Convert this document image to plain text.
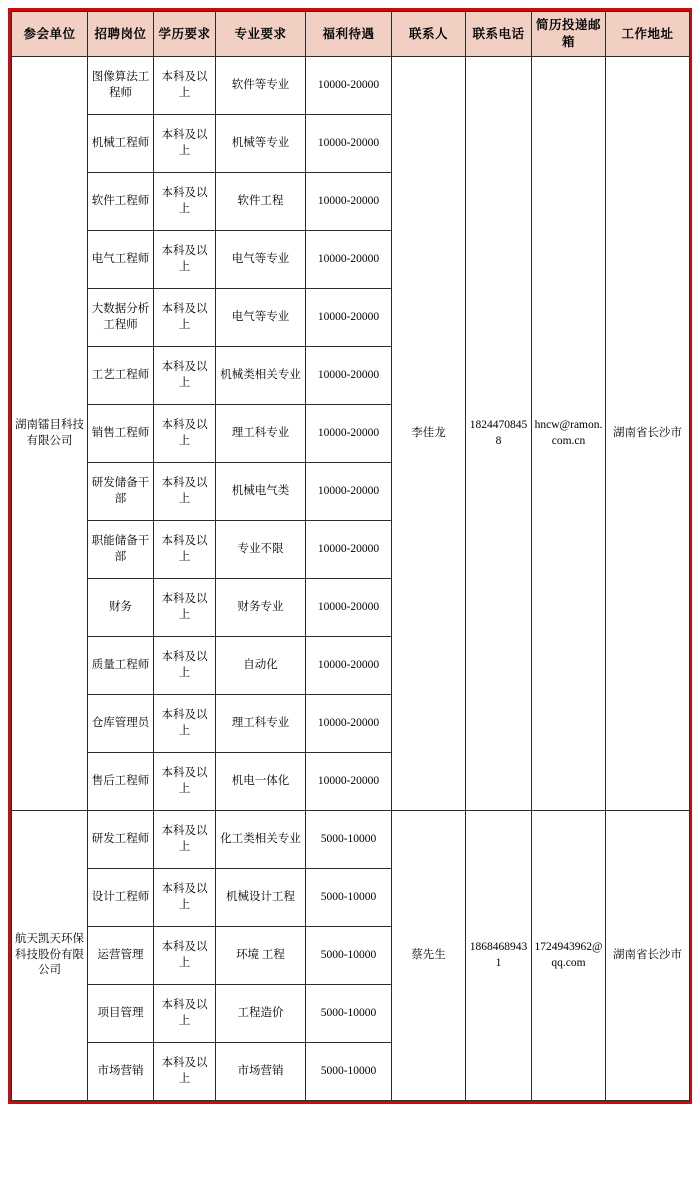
参会单位	招聘岗位	学历要求	专业要求	福利待遇	联系人	联系电话	简历投递邮箱	工作地址
湖南镭目科技有限公司	图像算法工程师	本科及以上	软件等专业	10000-20000	李佳龙	18244708458	hncw@ramon.com.cn	湖南省长沙市
	机械工程师	本科及以上	机械等专业	10000-20000				
	软件工程师	本科及以上	软件工程	10000-20000				
	电气工程师	本科及以上	电气等专业	10000-20000				
	大数据分析工程师	本科及以上	电气等专业	10000-20000				
	工艺工程师	本科及以上	机械类相关专业	10000-20000				
	销售工程师	本科及以上	理工科专业	10000-20000				
	研发储备干部	本科及以上	机械电气类	10000-20000				
	职能储备干部	本科及以上	专业不限	10000-20000				
	财务	本科及以上	财务专业	10000-20000				
	质量工程师	本科及以上	自动化	10000-20000				
	仓库管理员	本科及以上	理工科专业	10000-20000				
	售后工程师	本科及以上	机电一体化	10000-20000				
航天凯天环保科技股份有限公司	研发工程师	本科及以上	化工类相关专业	5000-10000	蔡先生	18684689431	1724943962@qq.com	湖南省长沙市
	设计工程师	本科及以上	机械设计工程	5000-10000				
	运营管理	本科及以上	环境 工程	5000-10000				
	项目管理	本科及以上	工程造价	5000-10000				
	市场营销	本科及以上	市场营销	5000-10000				
